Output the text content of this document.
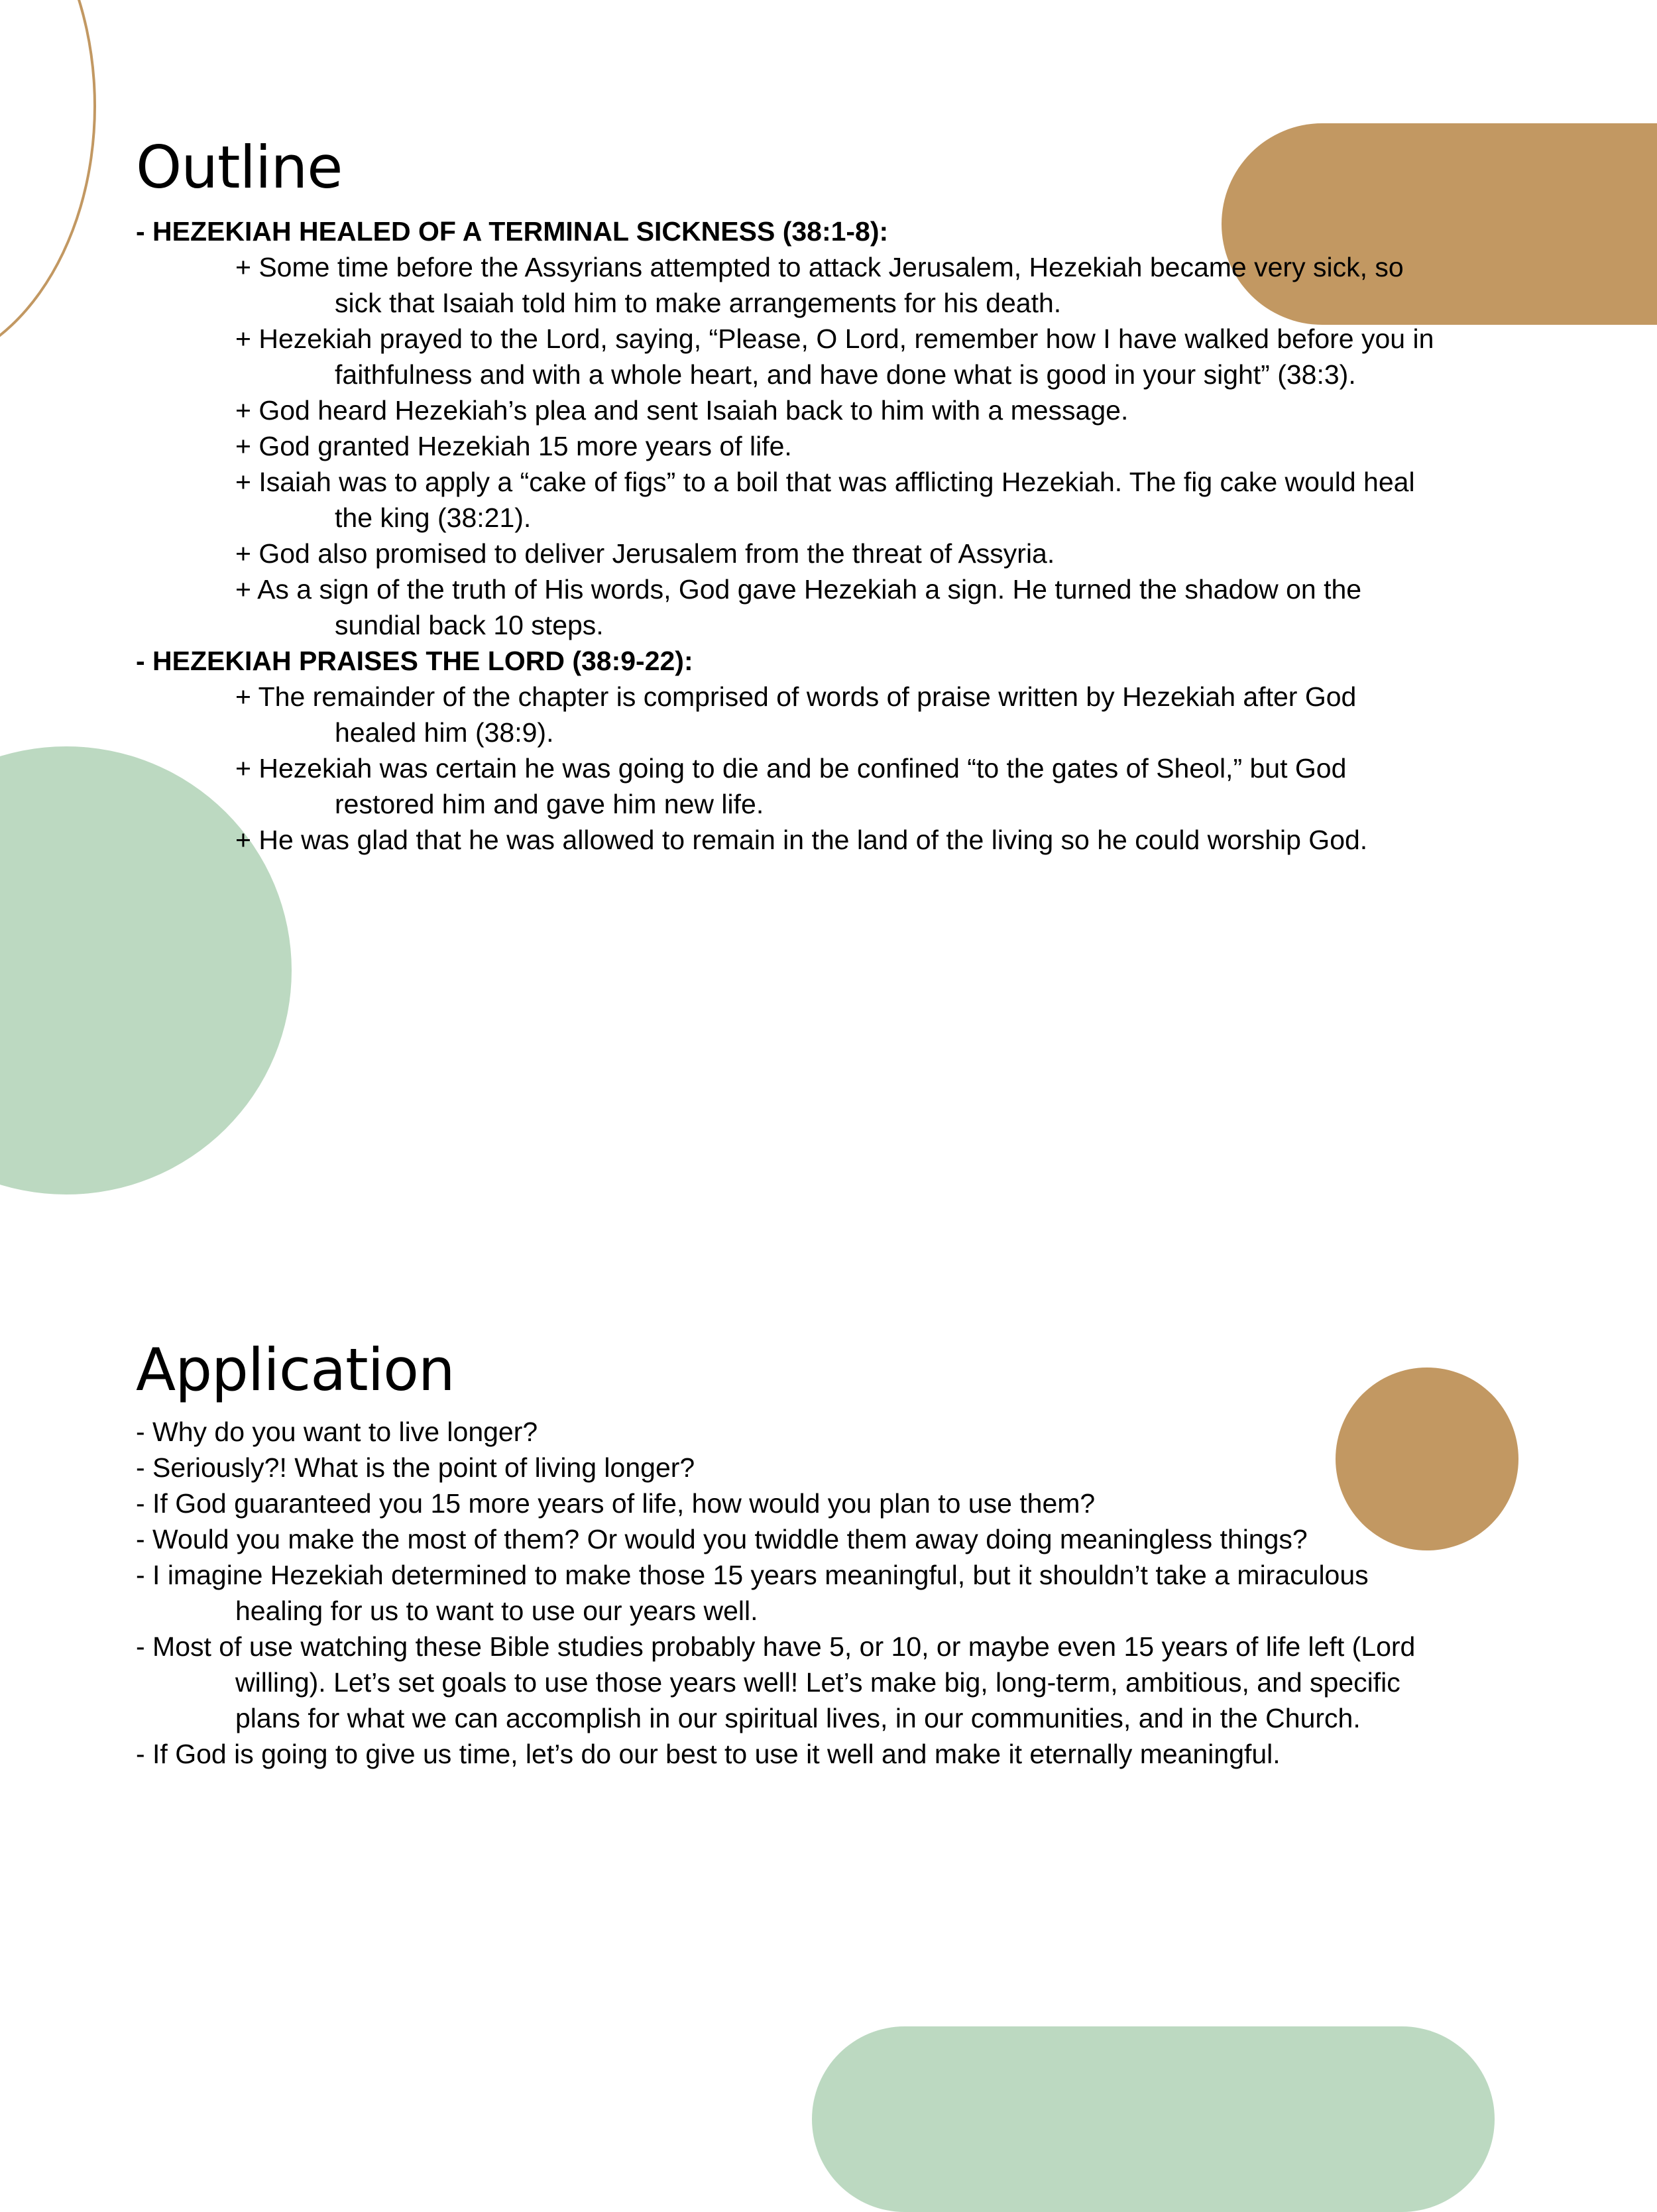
Outline
- HEZEKIAH HEALED OF A TERMINAL SICKNESS (38:1-8):
+ Some time before the Assyrians attempted to attack Jerusalem, Hezekiah became very sick, so
sick that Isaiah told him to make arrangements for his death.
+ Hezekiah prayed to the Lord, saying, “Please, O Lord, remember how I have walked before you in
faithfulness and with a whole heart, and have done what is good in your sight” (38:3).
+ God heard Hezekiah’s plea and sent Isaiah back to him with a message.
+ God granted Hezekiah 15 more years of life.
+ Isaiah was to apply a “cake of figs” to a boil that was afflicting Hezekiah. The fig cake would heal
the king (38:21).
+ God also promised to deliver Jerusalem from the threat of Assyria.
+ As a sign of the truth of His words, God gave Hezekiah a sign. He turned the shadow on the
sundial back 10 steps.
- HEZEKIAH PRAISES THE LORD (38:9-22):
+ The remainder of the chapter is comprised of words of praise written by Hezekiah after God
healed him (38:9).
+ Hezekiah was certain he was going to die and be confined “to the gates of Sheol,” but God
restored him and gave him new life.
+ He was glad that he was allowed to remain in the land of the living so he could worship God.
Application
- Why do you want to live longer?
- Seriously?! What is the point of living longer?
- If God guaranteed you 15 more years of life, how would you plan to use them?
- Would you make the most of them? Or would you twiddle them away doing meaningless things?
- I imagine Hezekiah determined to make those 15 years meaningful, but it shouldn’t take a miraculous
healing for us to want to use our years well.
- Most of use watching these Bible studies probably have 5, or 10, or maybe even 15 years of life left (Lord
willing). Let’s set goals to use those years well! Let’s make big, long-term, ambitious, and specific
plans for what we can accomplish in our spiritual lives, in our communities, and in the Church.
- If God is going to give us time, let’s do our best to use it well and make it eternally meaningful.
